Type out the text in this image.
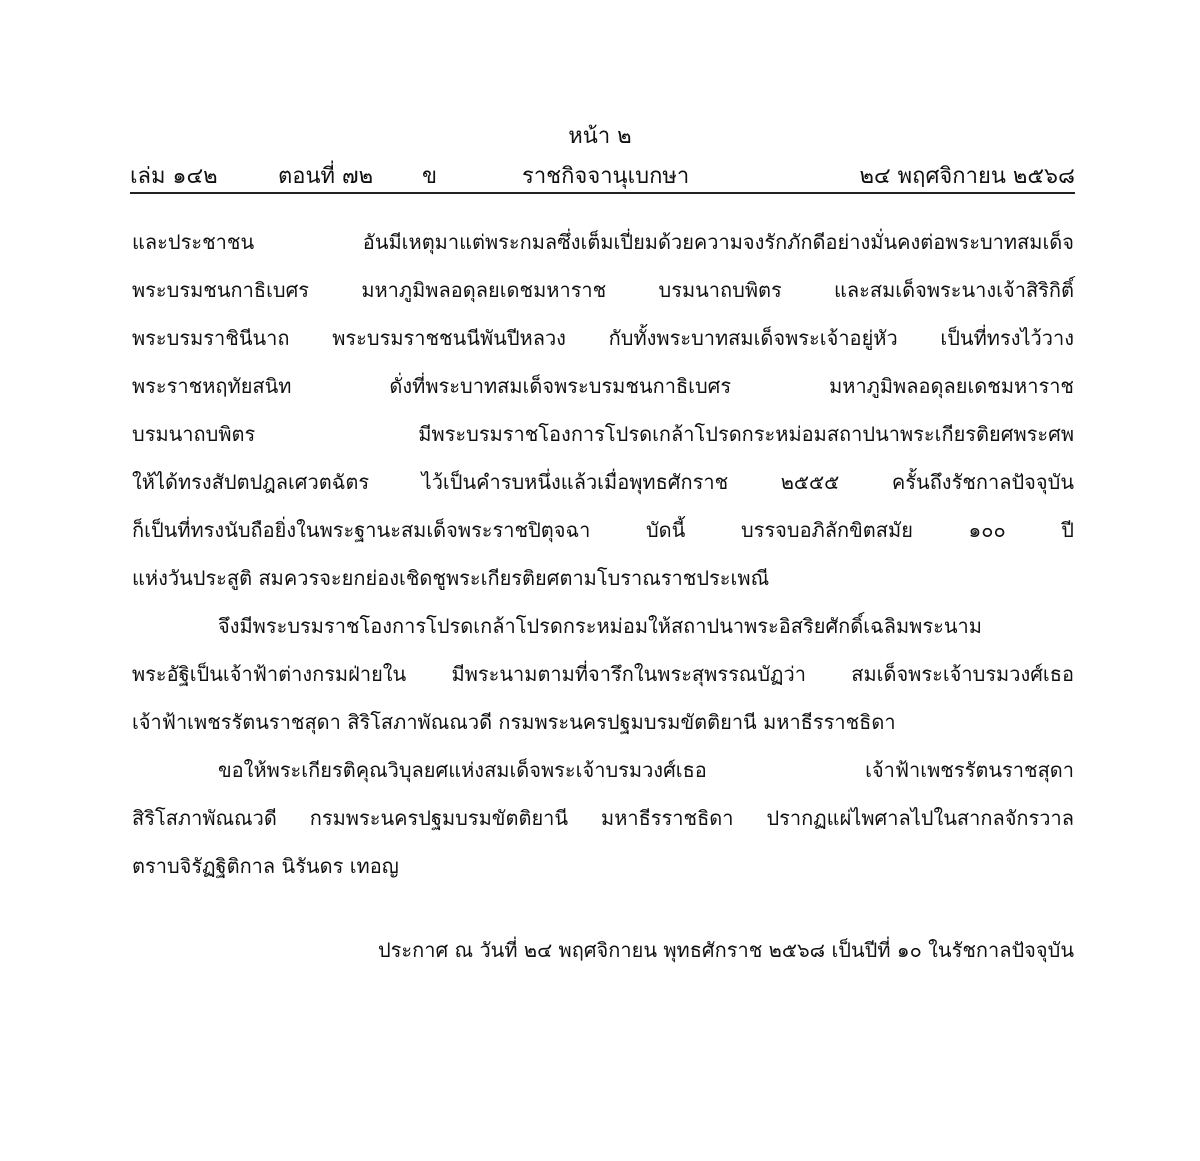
หน้า ๒
เล่ม ๑๔๒	ตอนที่ ๗๒ ข	ราชกิจจานุเบกษา	๒๔ พฤศจิกายน ๒๕๖๘
และประชาชน อันมีเหตุมาแต่พระกมลซึ่งเต็มเปี่ยมด้วยความจงรักภักดีอย่างมั่นคงต่อพระบาทสมเด็จ
พระบรมชนกาธิเบศร มหาภูมิพลอดุลยเดชมหาราช บรมนาถบพิตร และสมเด็จพระนางเจ้าสิริกิติ์
พระบรมราชินีนาถ พระบรมราชชนนีพันปีหลวง กับทั้งพระบาทสมเด็จพระเจ้าอยู่หัว เป็นที่ทรงไว้วาง
พระราชหฤทัยสนิท ดั่งที่พระบาทสมเด็จพระบรมชนกาธิเบศร มหาภูมิพลอดุลยเดชมหาราช
บรมนาถบพิตร มีพระบรมราชโองการโปรดเกล้าโปรดกระหม่อมสถาปนาพระเกียรติยศพระศพ
ให้ได้ทรงสัปตปฎลเศวตฉัตร ไว้เป็นคำรบหนึ่งแล้วเมื่อพุทธศักราช ๒๕๕๕ ครั้นถึงรัชกาลปัจจุบัน
ก็เป็นที่ทรงนับถือยิ่งในพระฐานะสมเด็จพระราชปิตุจฉา บัดนี้ บรรจบอภิลักขิตสมัย ๑๐๐ ปี
แห่งวันประสูติ สมควรจะยกย่องเชิดชูพระเกียรติยศตามโบราณราชประเพณี
จึงมีพระบรมราชโองการโปรดเกล้าโปรดกระหม่อมให้สถาปนาพระอิสริยศักดิ์เฉลิมพระนาม
พระอัฐิเป็นเจ้าฟ้าต่างกรมฝ่ายใน มีพระนามตามที่จารึกในพระสุพรรณบัฏว่า สมเด็จพระเจ้าบรมวงศ์เธอ
เจ้าฟ้าเพชรรัตนราชสุดา สิริโสภาพัณณวดี กรมพระนครปฐมบรมขัตติยานี มหาธีรราชธิดา
ขอให้พระเกียรติคุณวิบุลยศแห่งสมเด็จพระเจ้าบรมวงศ์เธอ เจ้าฟ้าเพชรรัตนราชสุดา
สิริโสภาพัณณวดี กรมพระนครปฐมบรมขัตติยานี มหาธีรราชธิดา ปรากฏแผ่ไพศาลไปในสากลจักรวาล
ตราบจิรัฏฐิติกาล นิรันดร เทอญ
ประกาศ ณ วันที่ ๒๔ พฤศจิกายน พุทธศักราช ๒๕๖๘ เป็นปีที่ ๑๐ ในรัชกาลปัจจุบัน
